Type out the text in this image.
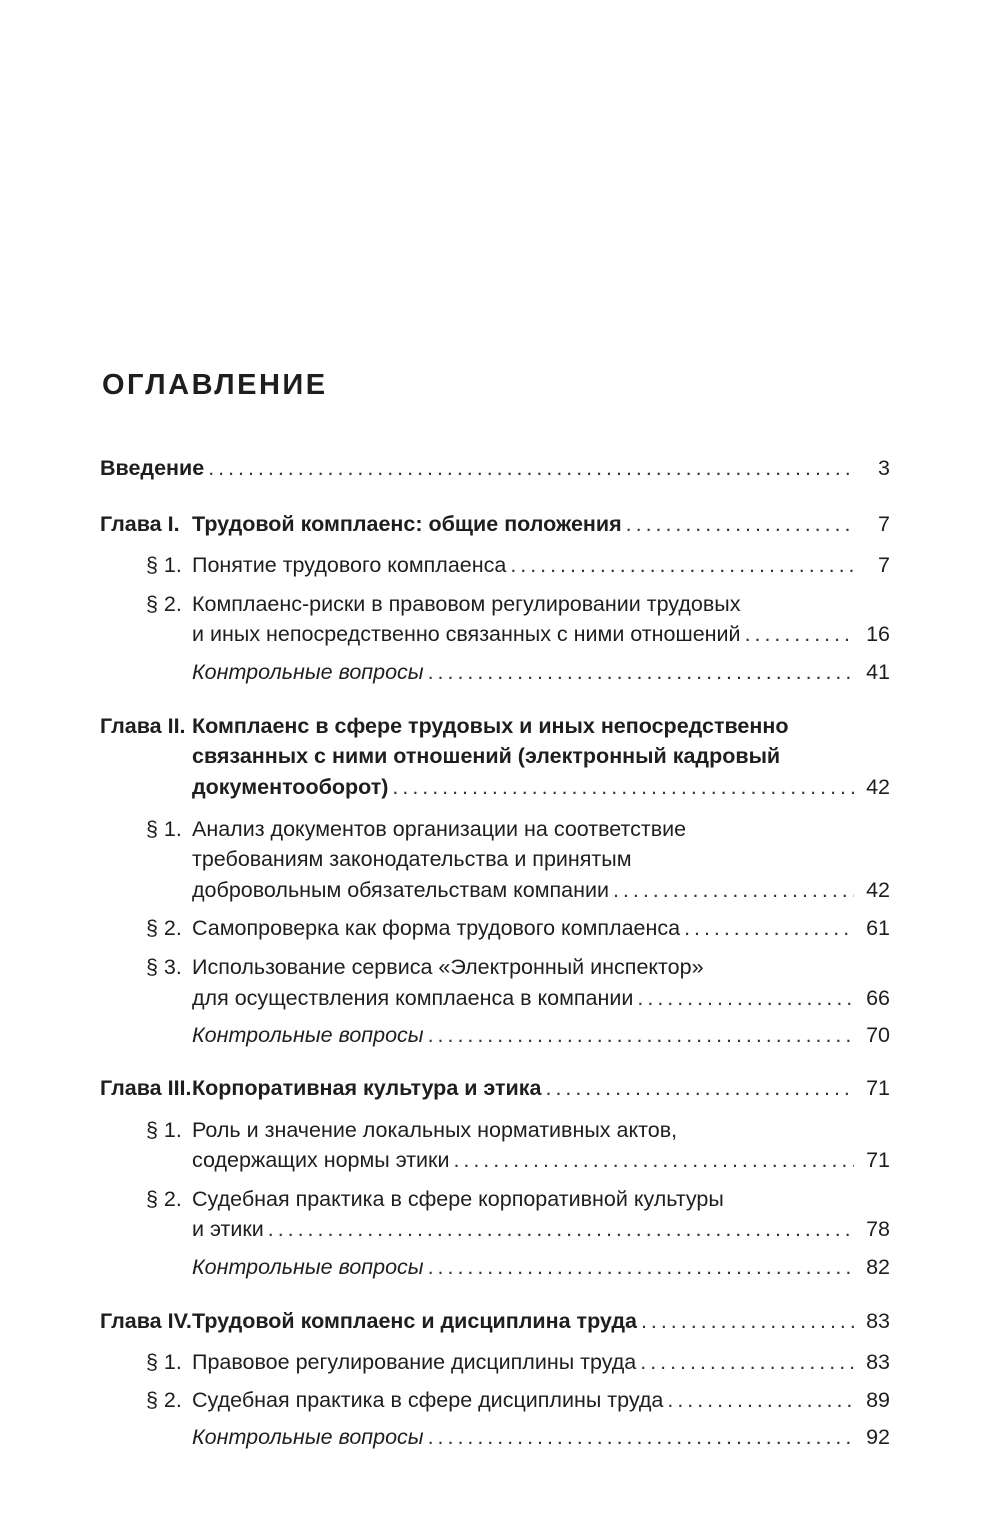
ОГЛАВЛЕНИЕ
Введение . . .	3
Глава I. Трудовой комплаенс: общие положения . . .	7
§ 1. Понятие трудового комплаенса . . .	7
§ 2. Комплаенс-риски в правовом регулировании трудовых
и иных непосредственно связанных с ними отношений . . .	16
Контрольные вопросы . . .	41
Глава II. Комплаенс в сфере трудовых и иных непосредственно
связанных с ними отношений (электронный кадровый
документооборот) . . .	42
§ 1. Анализ документов организации на соответствие
требованиям законодательства и принятым
добровольным обязательствам компании . . .	42
§ 2. Самопроверка как форма трудового комплаенса . . .	61
§ 3. Использование сервиса «Электронный инспектор»
для осуществления комплаенса в компании . . .	66
Контрольные вопросы . . .	70
Глава III. Корпоративная культура и этика . . .	71
§ 1. Роль и значение локальных нормативных актов,
содержащих нормы этики . . .	71
§ 2. Судебная практика в сфере корпоративной культуры
и этики . . .	78
Контрольные вопросы . . .	82
Глава IV. Трудовой комплаенс и дисциплина труда . . .	83
§ 1. Правовое регулирование дисциплины труда . . .	83
§ 2. Судебная практика в сфере дисциплины труда . . .	89
Контрольные вопросы . . .	92
